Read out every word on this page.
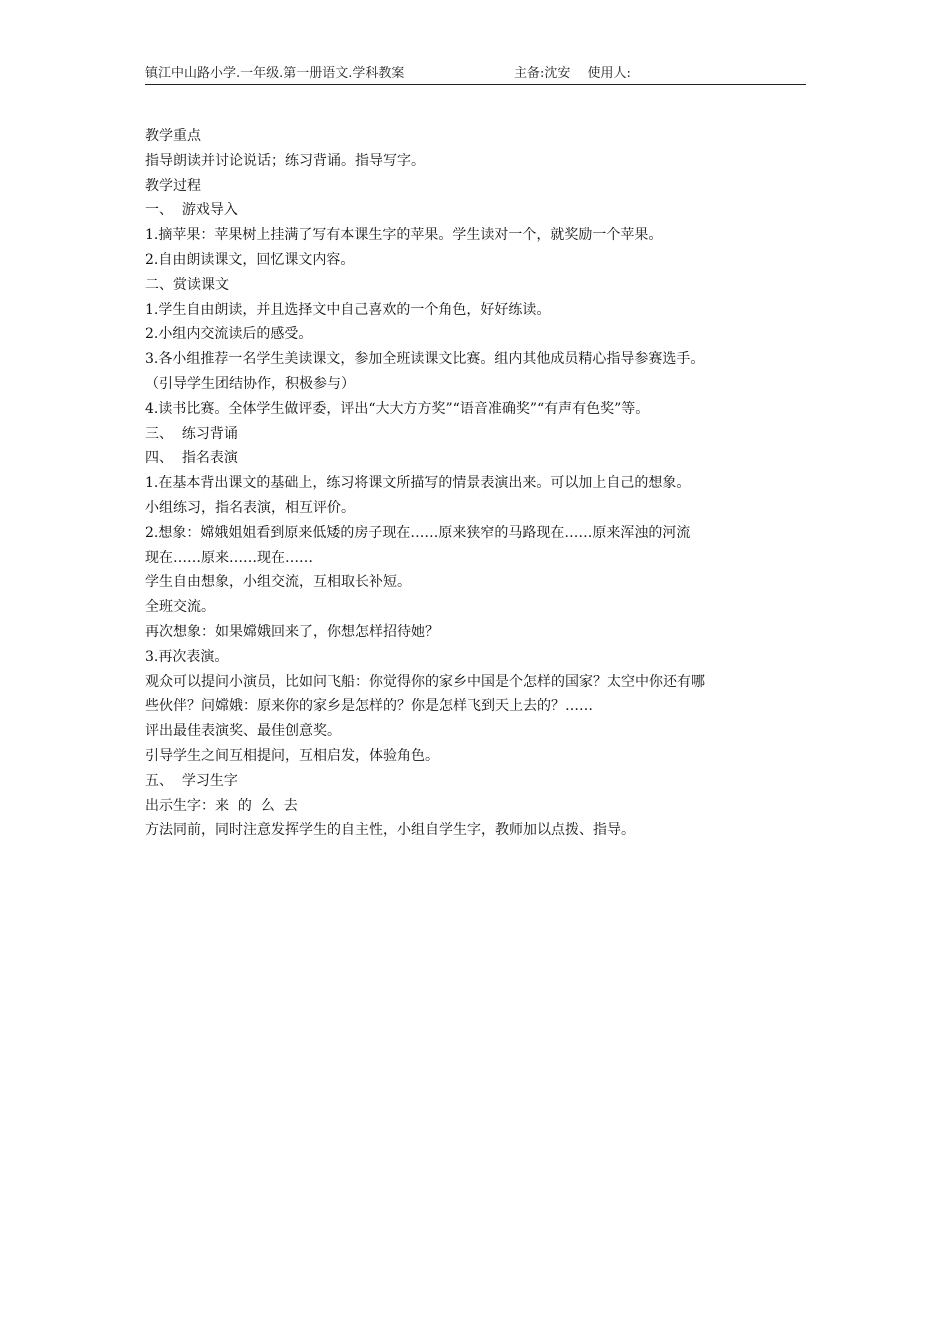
镇江中山路小学.一年级.第一册语文.学科教案	主备:沈安　 使用人:

教学重点

指导朗读并讨论说话；练习背诵。指导写字。

教学过程

一、  游戏导入

1.摘苹果：苹果树上挂满了写有本课生字的苹果。学生读对一个，就奖励一个苹果。

2.自由朗读课文，回忆课文内容。

二、赏读课文

1.学生自由朗读，并且选择文中自己喜欢的一个角色，好好练读。

2.小组内交流读后的感受。

3.各小组推荐一名学生美读课文，参加全班读课文比赛。组内其他成员精心指导参赛选手。

（引导学生团结协作，积极参与）

4.读书比赛。全体学生做评委，评出“大大方方奖”“语音准确奖”“有声有色奖”等。

三、  练习背诵

四、  指名表演

1.在基本背出课文的基础上，练习将课文所描写的情景表演出来。可以加上自己的想象。

小组练习，指名表演，相互评价。

2.想象：嫦娥姐姐看到原来低矮的房子现在……原来狭窄的马路现在……原来浑浊的河流

现在……原来……现在……

学生自由想象，小组交流，互相取长补短。

全班交流。

再次想象：如果嫦娥回来了，你想怎样招待她？

3.再次表演。

观众可以提问小演员，比如问飞船：你觉得你的家乡中国是个怎样的国家？太空中你还有哪

些伙伴？问嫦娥：原来你的家乡是怎样的？你是怎样飞到天上去的？……

评出最佳表演奖、最佳创意奖。

引导学生之间互相提问，互相启发，体验角色。

五、  学习生字

出示生字：来  的  么  去

方法同前，同时注意发挥学生的自主性，小组自学生字，教师加以点拨、指导。
